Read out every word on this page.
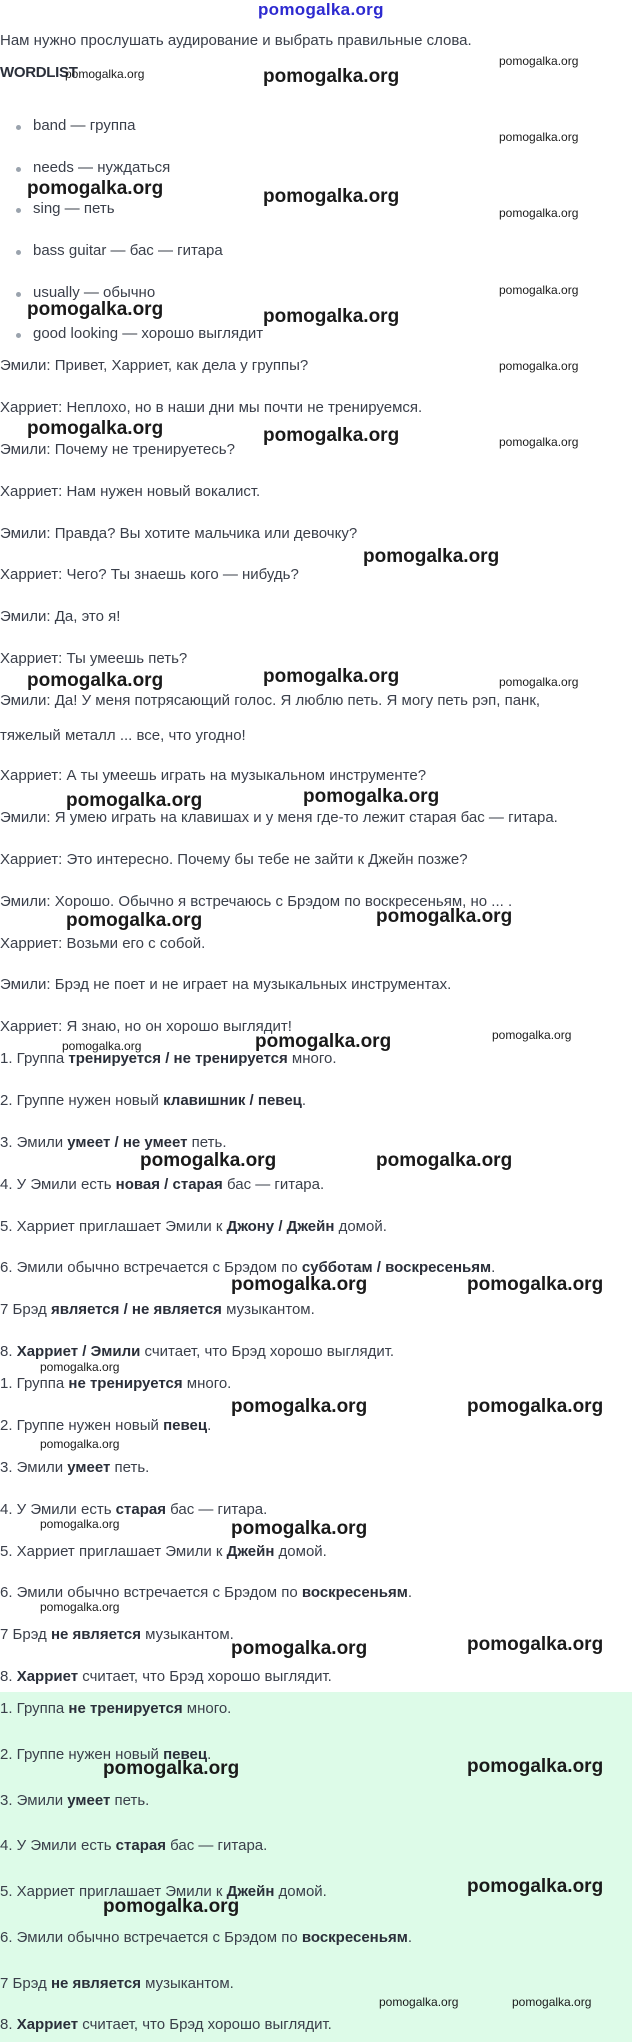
pomogalka.org
Нам нужно прослушать аудирование и выбрать правильные слова.
WORDLIST
band — группа
needs — нуждаться
sing — петь
bass guitar — бас — гитара
usually — обычно
good looking — хорошо выглядит
Эмили: Привет, Харриет, как дела у группы?
Харриет: Неплохо, но в наши дни мы почти не тренируемся.
Эмили: Почему не тренируетесь?
Харриет: Нам нужен новый вокалист.
Эмили: Правда? Вы хотите мальчика или девочку?
Харриет: Чего? Ты знаешь кого — нибудь?
Эмили: Да, это я!
Харриет: Ты умеешь петь?
Эмили: Да! У меня потрясающий голос. Я люблю петь. Я могу петь рэп, панк,
тяжелый металл ... все, что угодно!
Харриет: А ты умеешь играть на музыкальном инструменте?
Эмили: Я умею играть на клавишах и у меня где-то лежит старая бас — гитара.
Харриет: Это интересно. Почему бы тебе не зайти к Джейн позже?
Эмили: Хорошо. Обычно я встречаюсь с Брэдом по воскресеньям, но ... .
Харриет: Возьми его с собой.
Эмили: Брэд не поет и не играет на музыкальных инструментах.
Харриет: Я знаю, но он хорошо выглядит!
1. Группа тренируется / не тренируется много.
2. Группе нужен новый клавишник / певец.
3. Эмили умеет / не умеет петь.
4. У Эмили есть новая / старая бас — гитара.
5. Харриет приглашает Эмили к Джону / Джейн домой.
6. Эмили обычно встречается с Брэдом по субботам / воскресеньям.
7 Брэд является / не является музыкантом.
8. Харриет / Эмили считает, что Брэд хорошо выглядит.
1. Группа не тренируется много.
2. Группе нужен новый певец.
3. Эмили умеет петь.
4. У Эмили есть старая бас — гитара.
5. Харриет приглашает Эмили к Джейн домой.
6. Эмили обычно встречается с Брэдом по воскресеньям.
7 Брэд не является музыкантом.
8. Харриет считает, что Брэд хорошо выглядит.
1. Группа не тренируется много.
2. Группе нужен новый певец.
3. Эмили умеет петь.
4. У Эмили есть старая бас — гитара.
5. Харриет приглашает Эмили к Джейн домой.
6. Эмили обычно встречается с Брэдом по воскресеньям.
7 Брэд не является музыкантом.
8. Харриет считает, что Брэд хорошо выглядит.
pomogalka.org	pomogalka.org
pomogalka.org
pomogalka.org
pomogalka.org	pomogalka.org
pomogalka.org
pomogalka.org
pomogalka.org	pomogalka.org
pomogalka.org
pomogalka.org	pomogalka.org	pomogalka.org
pomogalka.org
pomogalka.org	pomogalka.org	pomogalka.org
pomogalka.org	pomogalka.org
pomogalka.org	pomogalka.org
pomogalka.org	pomogalka.org	pomogalka.org
pomogalka.org	pomogalka.org
pomogalka.org	pomogalka.org
pomogalka.org
pomogalka.org	pomogalka.org
pomogalka.org
pomogalka.org	pomogalka.org
pomogalka.org
pomogalka.org	pomogalka.org
pomogalka.org	pomogalka.org
pomogalka.org
pomogalka.org
pomogalka.org	pomogalka.org
